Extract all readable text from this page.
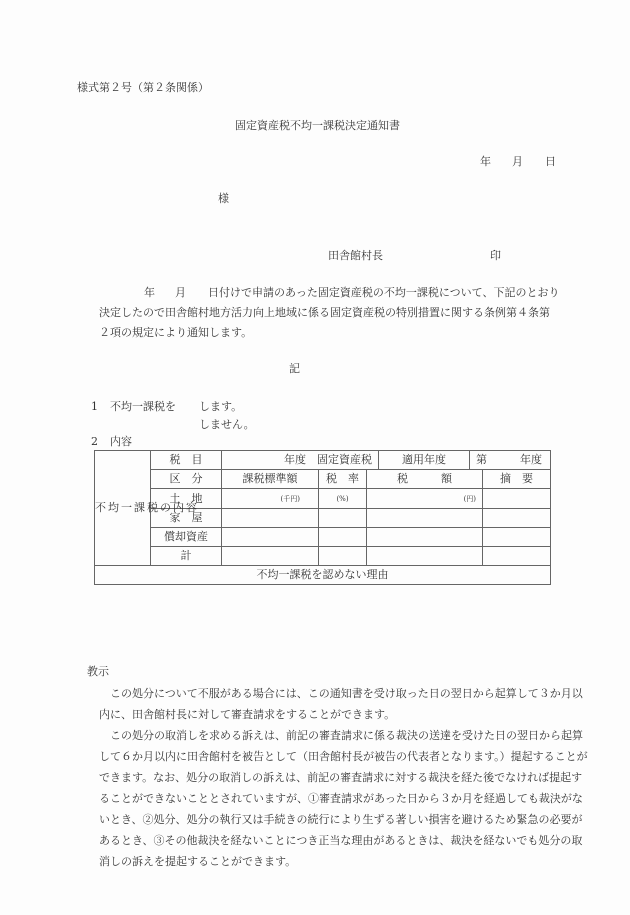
様式第２号（第２条関係）
固定資産税不均一課税決定通知書
年 月 日
様
田舎館村長	印
年 月 日付けで申請のあった固定資産税の不均一課税について、下記のとおり
決定したので田舎館村地方活力向上地域に係る固定資産税の特別措置に関する条例第４条第
２項の規定により通知します。
記
1 不均一課税を します。
しません。
2 内容
不均一課税の内容	税　目	年度　固定資産税			適用年度	第 年度	

	区　分	課税標準額	税　率	税　　　額			摘　要
	土　地	(千円)	(%)	(円)			

	家　屋						
	償却資産						
	計						
不均一課税を認めない理由							
教示
この処分について不服がある場合には、この通知書を受け取った日の翌日から起算して３か月以
内に、田舎館村長に対して審査請求をすることができます。
この処分の取消しを求める訴えは、前記の審査請求に係る裁決の送達を受けた日の翌日から起算
して６か月以内に田舎館村を被告として（田舎館村長が被告の代表者となります。）提起することが
できます。なお、処分の取消しの訴えは、前記の審査請求に対する裁決を経た後でなければ提起す
ることができないこととされていますが、①審査請求があった日から３か月を経過しても裁決がな
いとき、②処分、処分の執行又は手続きの続行により生ずる著しい損害を避けるため緊急の必要が
あるとき、③その他裁決を経ないことにつき正当な理由があるときは、裁決を経ないでも処分の取
消しの訴えを提起することができます。
